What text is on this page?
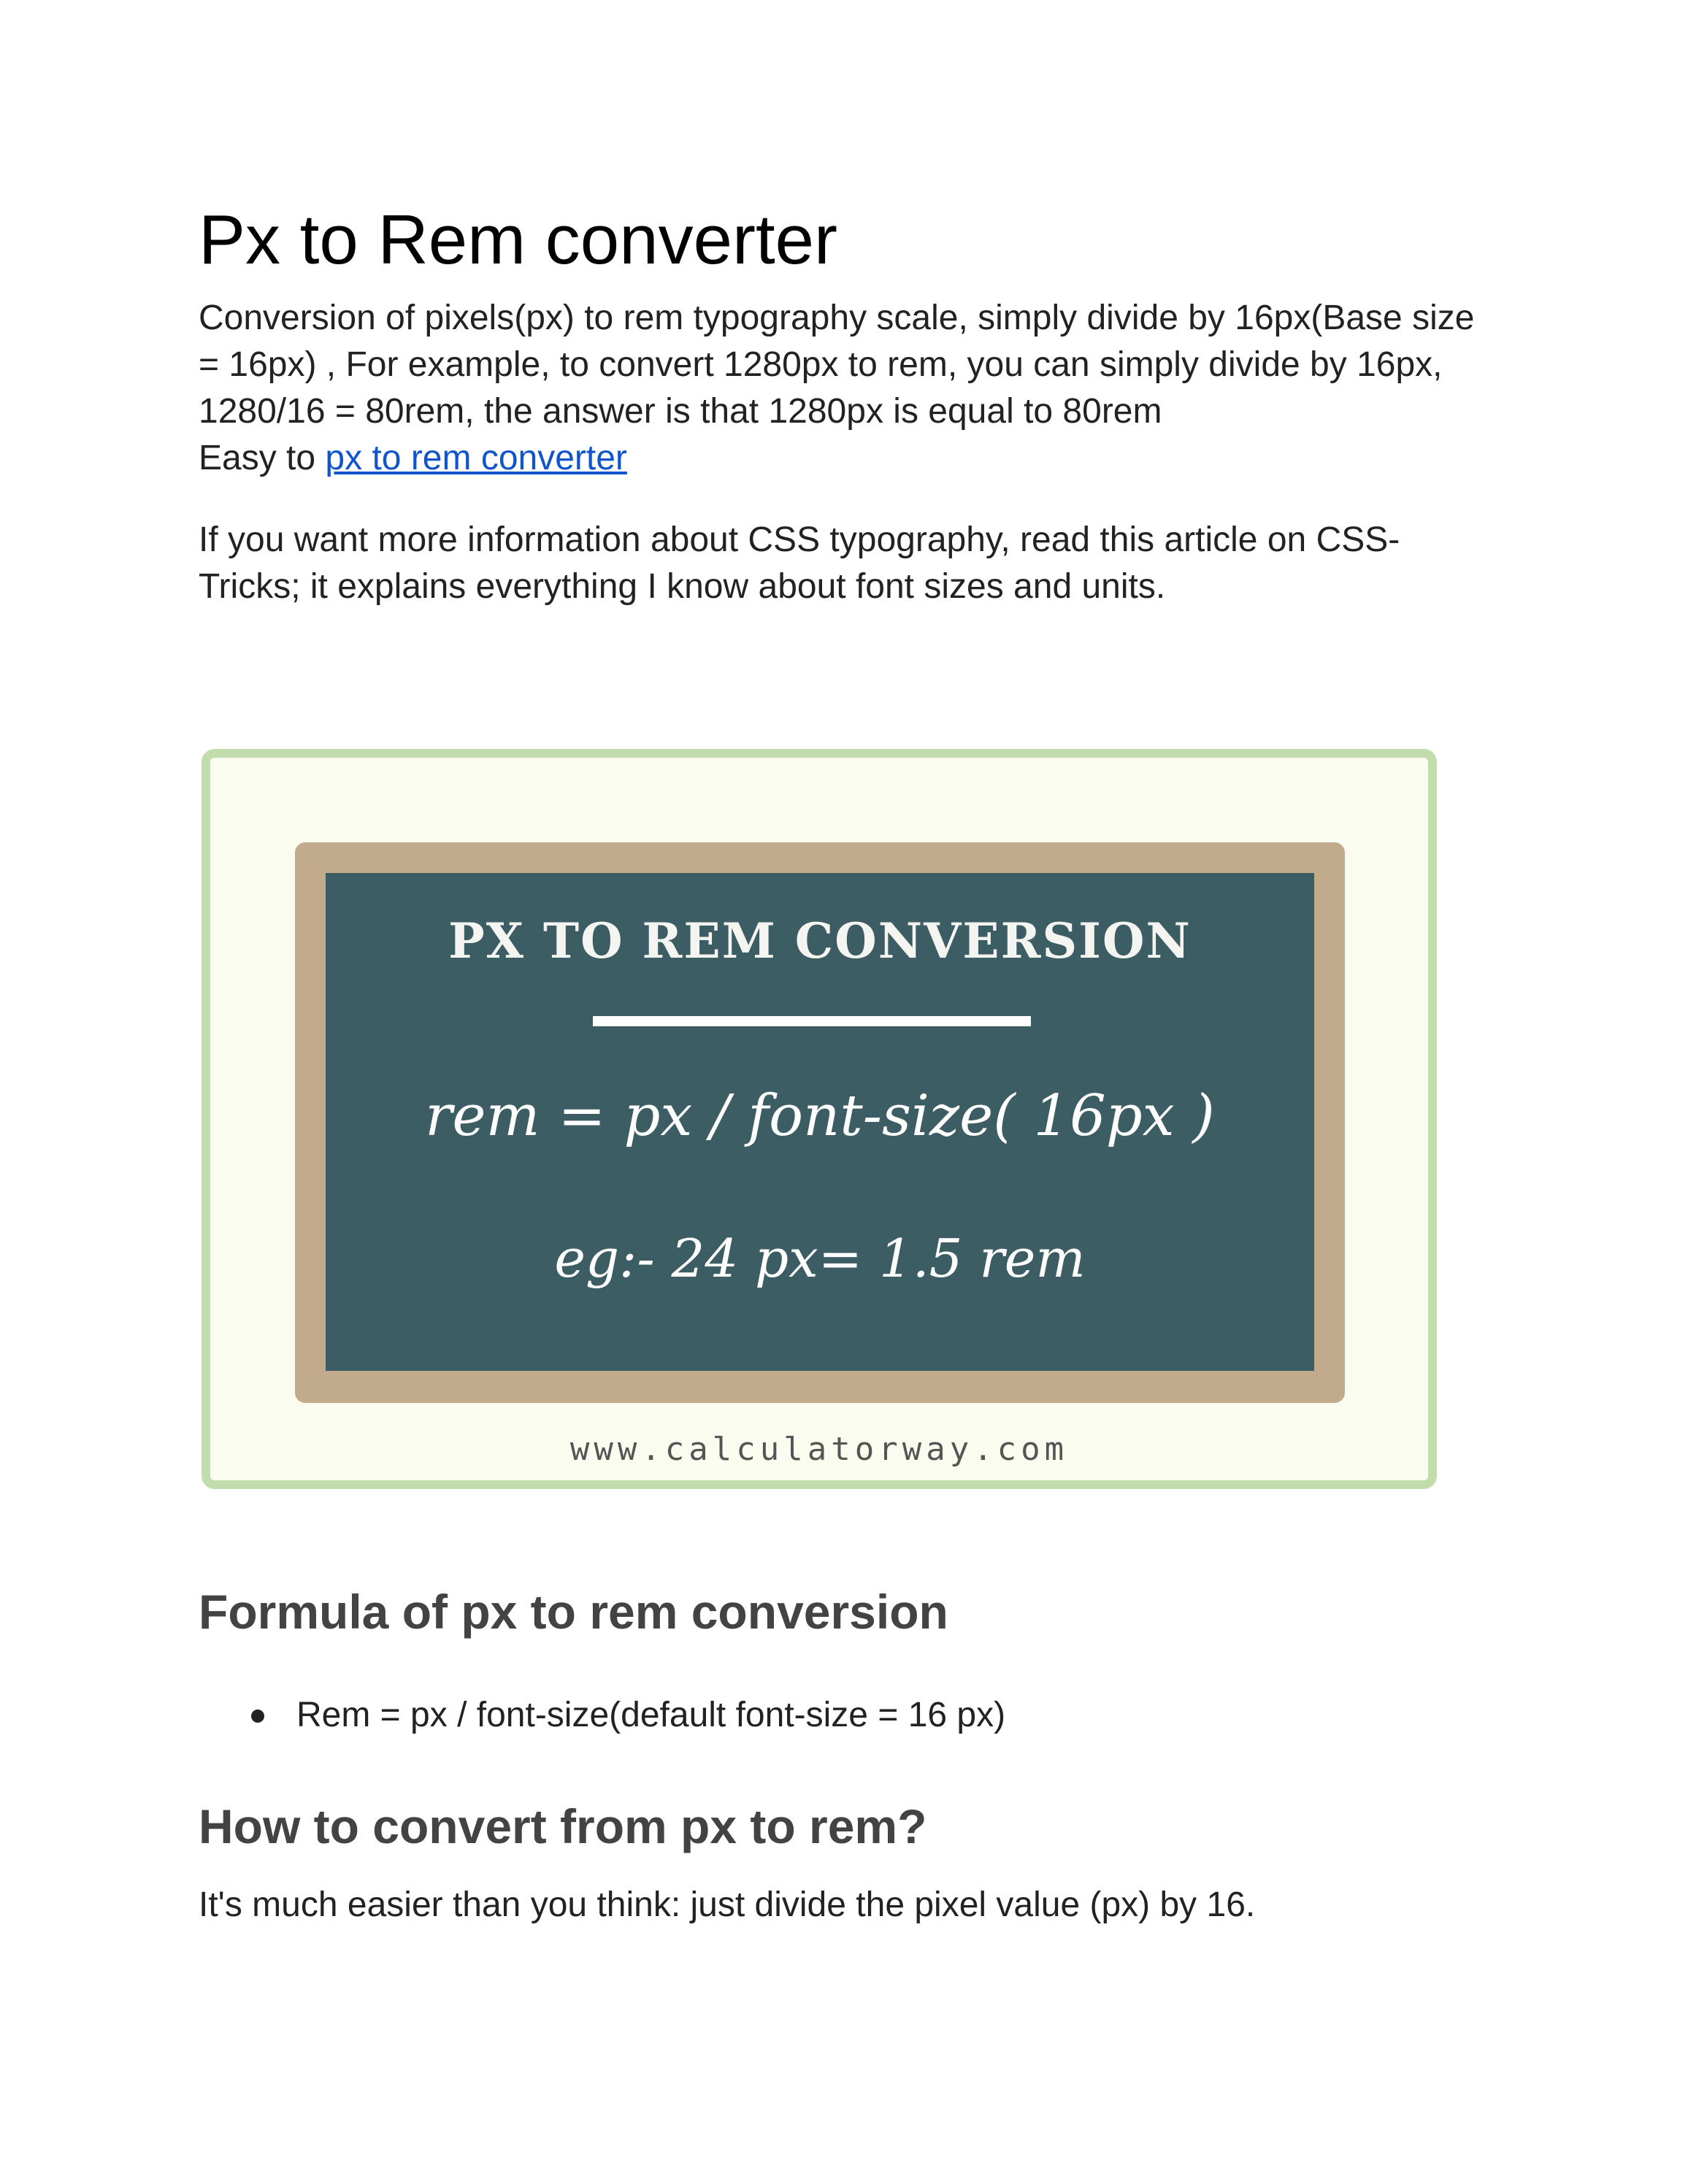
Px to Rem converter
Conversion of pixels(px) to rem typography scale, simply divide by 16px(Base size = 16px) , For example, to convert 1280px to rem, you can simply divide by 16px, 1280/16 = 80rem, the answer is that 1280px is equal to 80rem
Easy to px to rem converter

If you want more information about CSS typography, read this article on CSS-Tricks; it explains everything I know about font sizes and units.

PX TO REM CONVERSION
rem = px / font-size( 16px )
eg:- 24 px= 1.5 rem
www.calculatorway.com
Formula of px to rem conversion
Rem = px / font-size(default font-size = 16 px)
How to convert from px to rem?

It's much easier than you think: just divide the pixel value (px) by 16.
